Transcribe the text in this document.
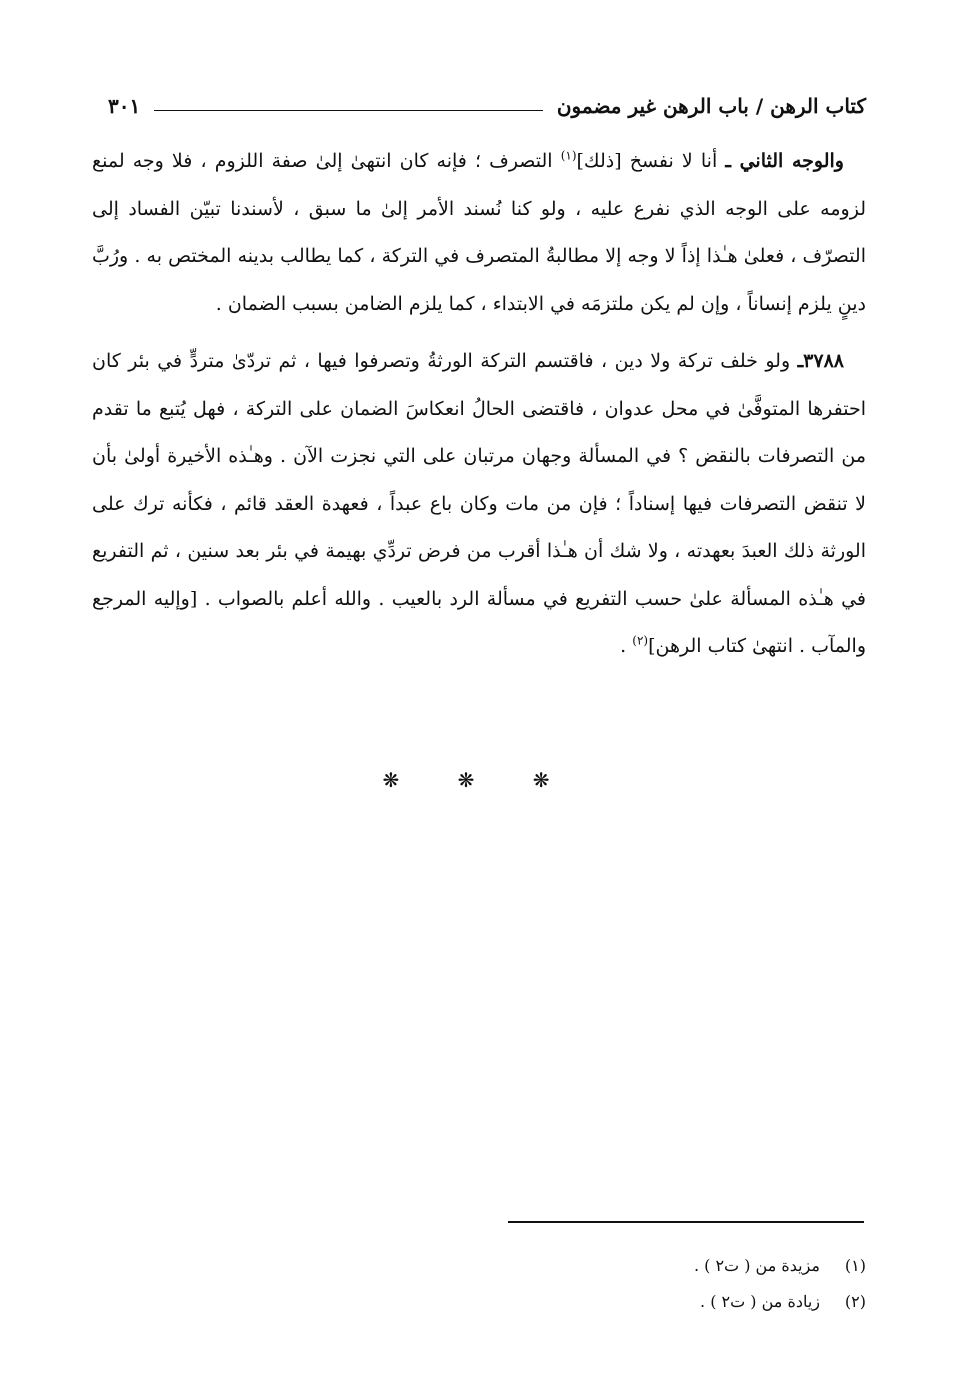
كتاب الرهن / باب الرهن غير مضمون
٣٠١

والوجه الثاني ـ أنا لا نفسخ [ذلك]$^{(١)}$ التصرف ؛ فإنه كان انتهىٰ إلىٰ صفة اللزوم ، فلا وجه لمنع لزومه على الوجه الذي نفرع عليه ، ولو كنا نُسند الأمر إلىٰ ما سبق ، لأسندنا تبيّن الفساد إلى التصرّف ، فعلىٰ هـٰذا إذاً لا وجه إلا مطالبةُ المتصرف في التركة ، كما يطالب بدينه المختص به . ورُبَّ دينٍ يلزم إنساناً ، وإن لم يكن ملتزمَه في الابتداء ، كما يلزم الضامن بسبب الضمان .

٣٧٨٨ـ ولو خلف تركة ولا دين ، فاقتسم التركة الورثةُ وتصرفوا فيها ، ثم تردّىٰ متردٍّ في بئر كان احتفرها المتوفَّىٰ في محل عدوان ، فاقتضى الحالُ انعكاسَ الضمان على التركة ، فهل يُتبع ما تقدم من التصرفات بالنقض ؟ في المسألة وجهان مرتبان على التي نجزت الآن . وهـٰذه الأخيرة أولىٰ بأن لا تنقض التصرفات فيها إسناداً ؛ فإن من مات وكان باع عبداً ، فعهدة العقد قائم ، فكأنه ترك على الورثة ذلك العبدَ بعهدته ، ولا شك أن هـٰذا أقرب من فرض تردِّي بهيمة في بئر بعد سنين ، ثم التفريع في هـٰذه المسألة علىٰ حسب التفريع في مسألة الرد بالعيب . والله أعلم بالصواب . [وإليه المرجع والمآب . انتهىٰ كتاب الرهن]$^{(٢)}$ .

❋ ❋ ❋
(١)
مزيدة من ( ت٢ ) .
(٢)
زيادة من ( ت٢ ) .
